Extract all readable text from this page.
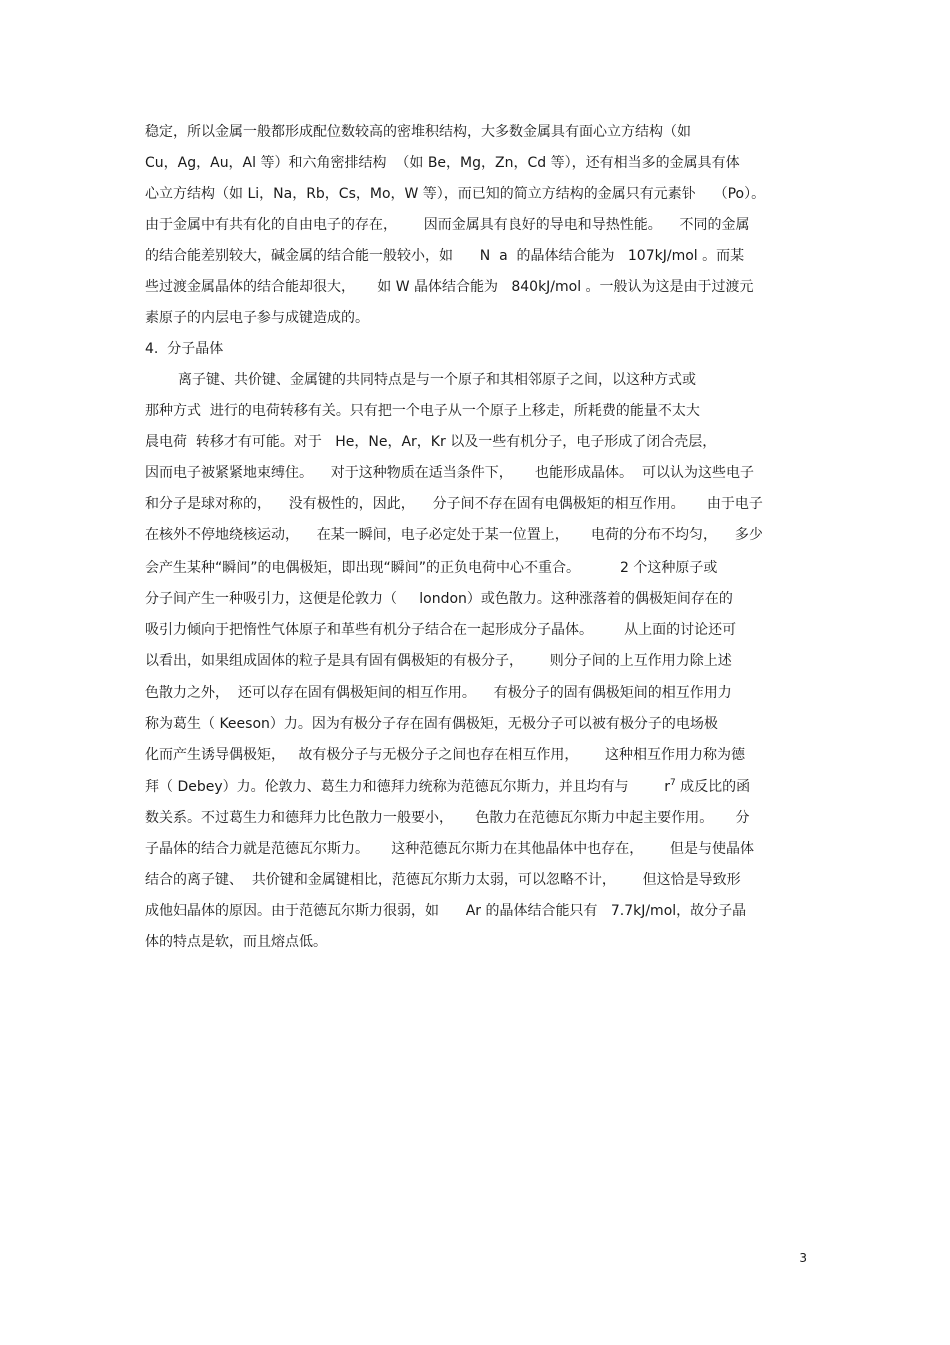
稳定，所以金属一般都形成配位数较高的密堆积结构，大多数金属具有面心立方结构（如
Cu，Ag，Au，Al 等）和六角密排结构  （如 Be，Mg，Zn，Cd 等），还有相当多的金属具有体
心立方结构（如 Li，Na，Rb，Cs，Mo，W 等），而已知的简立方结构的金属只有元素钋    （Po）。
由于金属中有共有化的自由电子的存在，      因而金属具有良好的导电和导热性能。    不同的金属
的结合能差别较大，碱金属的结合能一般较小，如      N  a  的晶体结合能为   107kJ/mol 。而某
些过渡金属晶体的结合能却很大，     如 W 晶体结合能为   840kJ/mol 。一般认为这是由于过渡元
素原子的内层电子参与成键造成的。
4.  分子晶体
离子键、共价键、金属键的共同特点是与一个原子和其相邻原子之间，以这种方式或
那种方式  进行的电荷转移有关。只有把一个电子从一个原子上移走，所耗费的能量不太大
晨电荷  转移才有可能。对于   He，Ne，Ar，Kr 以及一些有机分子，电子形成了闭合壳层，
因而电子被紧紧地束缚住。    对于这种物质在适当条件下，     也能形成晶体。  可以认为这些电子
和分子是球对称的，    没有极性的，因此，    分子间不存在固有电偶极矩的相互作用。     由于电子
在核外不停地绕核运动，    在某一瞬间，电子必定处于某一位置上，     电荷的分布不均匀，    多少
会产生某种“瞬间”的电偶极矩，即出现“瞬间”的正负电荷中心不重合。         2 个这种原子或
分子间产生一种吸引力，这便是伦敦力（     london）或色散力。这种涨落着的偶极矩间存在的
吸引力倾向于把惰性气体原子和革些有机分子结合在一起形成分子晶体。       从上面的讨论还可
以看出，如果组成固体的粒子是具有固有偶极矩的有极分子，      则分子间的上互作用力除上述
色散力之外，  还可以存在固有偶极矩间的相互作用。    有极分子的固有偶极矩间的相互作用力
称为葛生（ Keeson）力。因为有极分子存在固有偶极矩，无极分子可以被有极分子的电场极
化而产生诱导偶极矩，   故有极分子与无极分子之间也存在相互作用，      这种相互作用力称为德
拜（ Debey）力。伦敦力、葛生力和德拜力统称为范德瓦尔斯力，并且均有与        $r^7$ 成反比的函
数关系。不过葛生力和德拜力比色散力一般要小，     色散力在范德瓦尔斯力中起主要作用。     分
子晶体的结合力就是范德瓦尔斯力。     这种范德瓦尔斯力在其他晶体中也存在，      但是与使晶体
结合的离子键、  共价键和金属键相比，范德瓦尔斯力太弱，可以忽略不计，      但这恰是导致形
成他妇晶体的原因。由于范德瓦尔斯力很弱，如      Ar 的晶体结合能只有   7.7kJ/mol，故分子晶
体的特点是软，而且熔点低。
3
